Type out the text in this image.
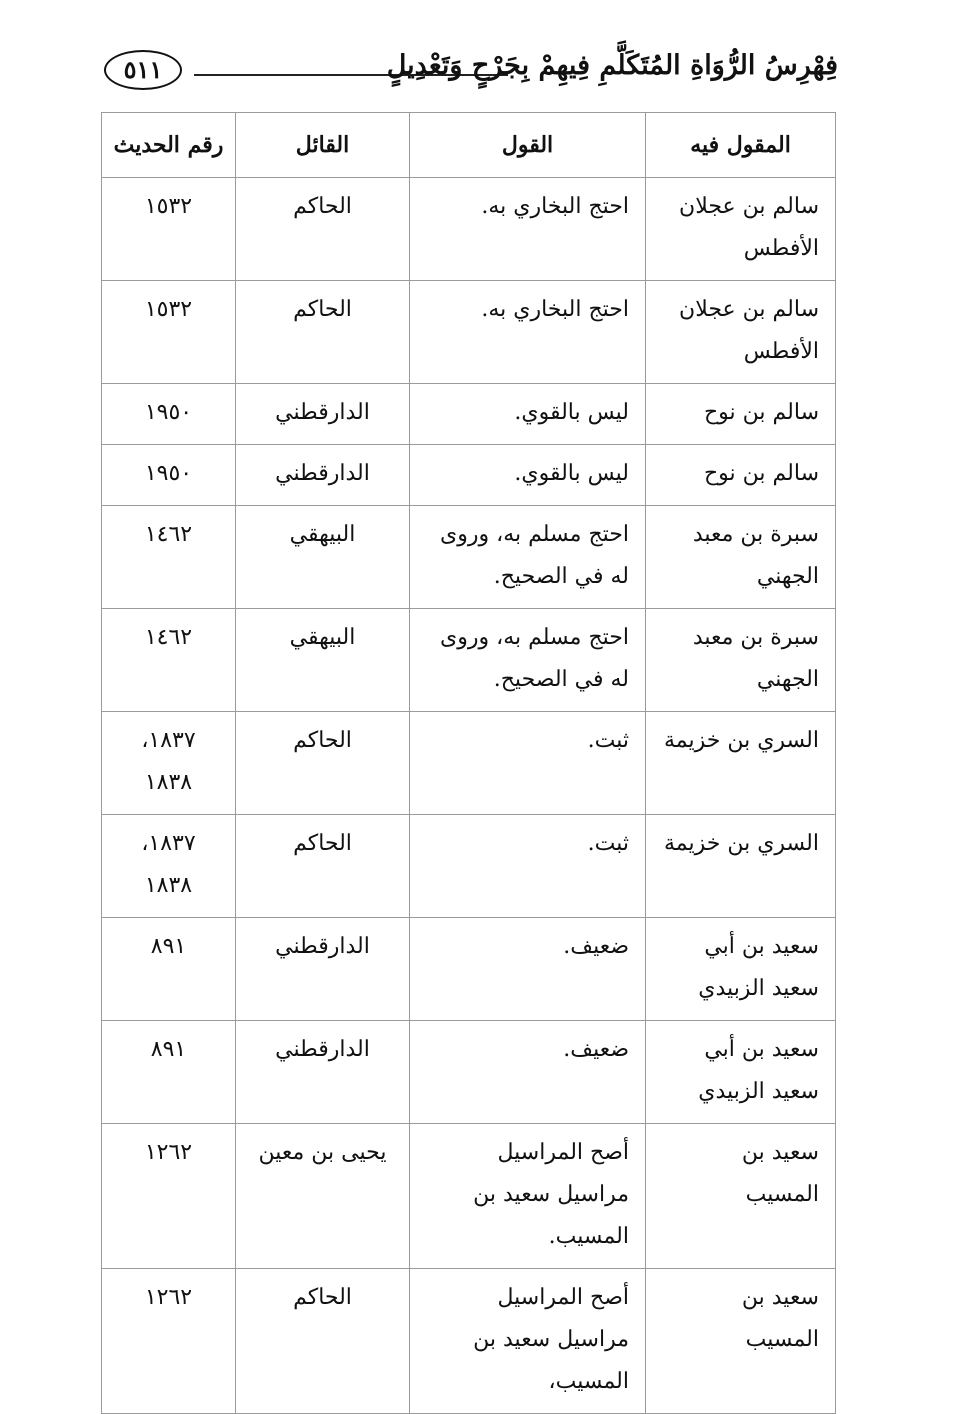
٥١١	فِهْرِسُ الرُّوَاةِ المُتَكَلَّمِ فِيهِمْ بِجَرْحٍ وَتَعْدِيلٍ
المقول فيه	القول	القائل	رقم الحديث
سالم بن عجلان الأفطس	احتج البخاري به.	الحاكم	١٥٣٢
سالم بن عجلان الأفطس	احتج البخاري به.	الحاكم	١٥٣٢
سالم بن نوح	ليس بالقوي.	الدارقطني	١٩٥٠
سالم بن نوح	ليس بالقوي.	الدارقطني	١٩٥٠
سبرة بن معبد الجهني	احتج مسلم به، وروى له في الصحيح.	البيهقي	١٤٦٢
سبرة بن معبد الجهني	احتج مسلم به، وروى له في الصحيح.	البيهقي	١٤٦٢
السري بن خزيمة	ثبت.	الحاكم	١٨٣٧، ١٨٣٨
السري بن خزيمة	ثبت.	الحاكم	١٨٣٧، ١٨٣٨
سعيد بن أبي سعيد الزبيدي	ضعيف.	الدارقطني	٨٩١
سعيد بن أبي سعيد الزبيدي	ضعيف.	الدارقطني	٨٩١
سعيد بن المسيب	أصح المراسيل مراسيل سعيد بن المسيب.	يحيى بن معين	١٢٦٢
سعيد بن المسيب	أصح المراسيل مراسيل سعيد بن المسيب،	الحاكم	١٢٦٢
